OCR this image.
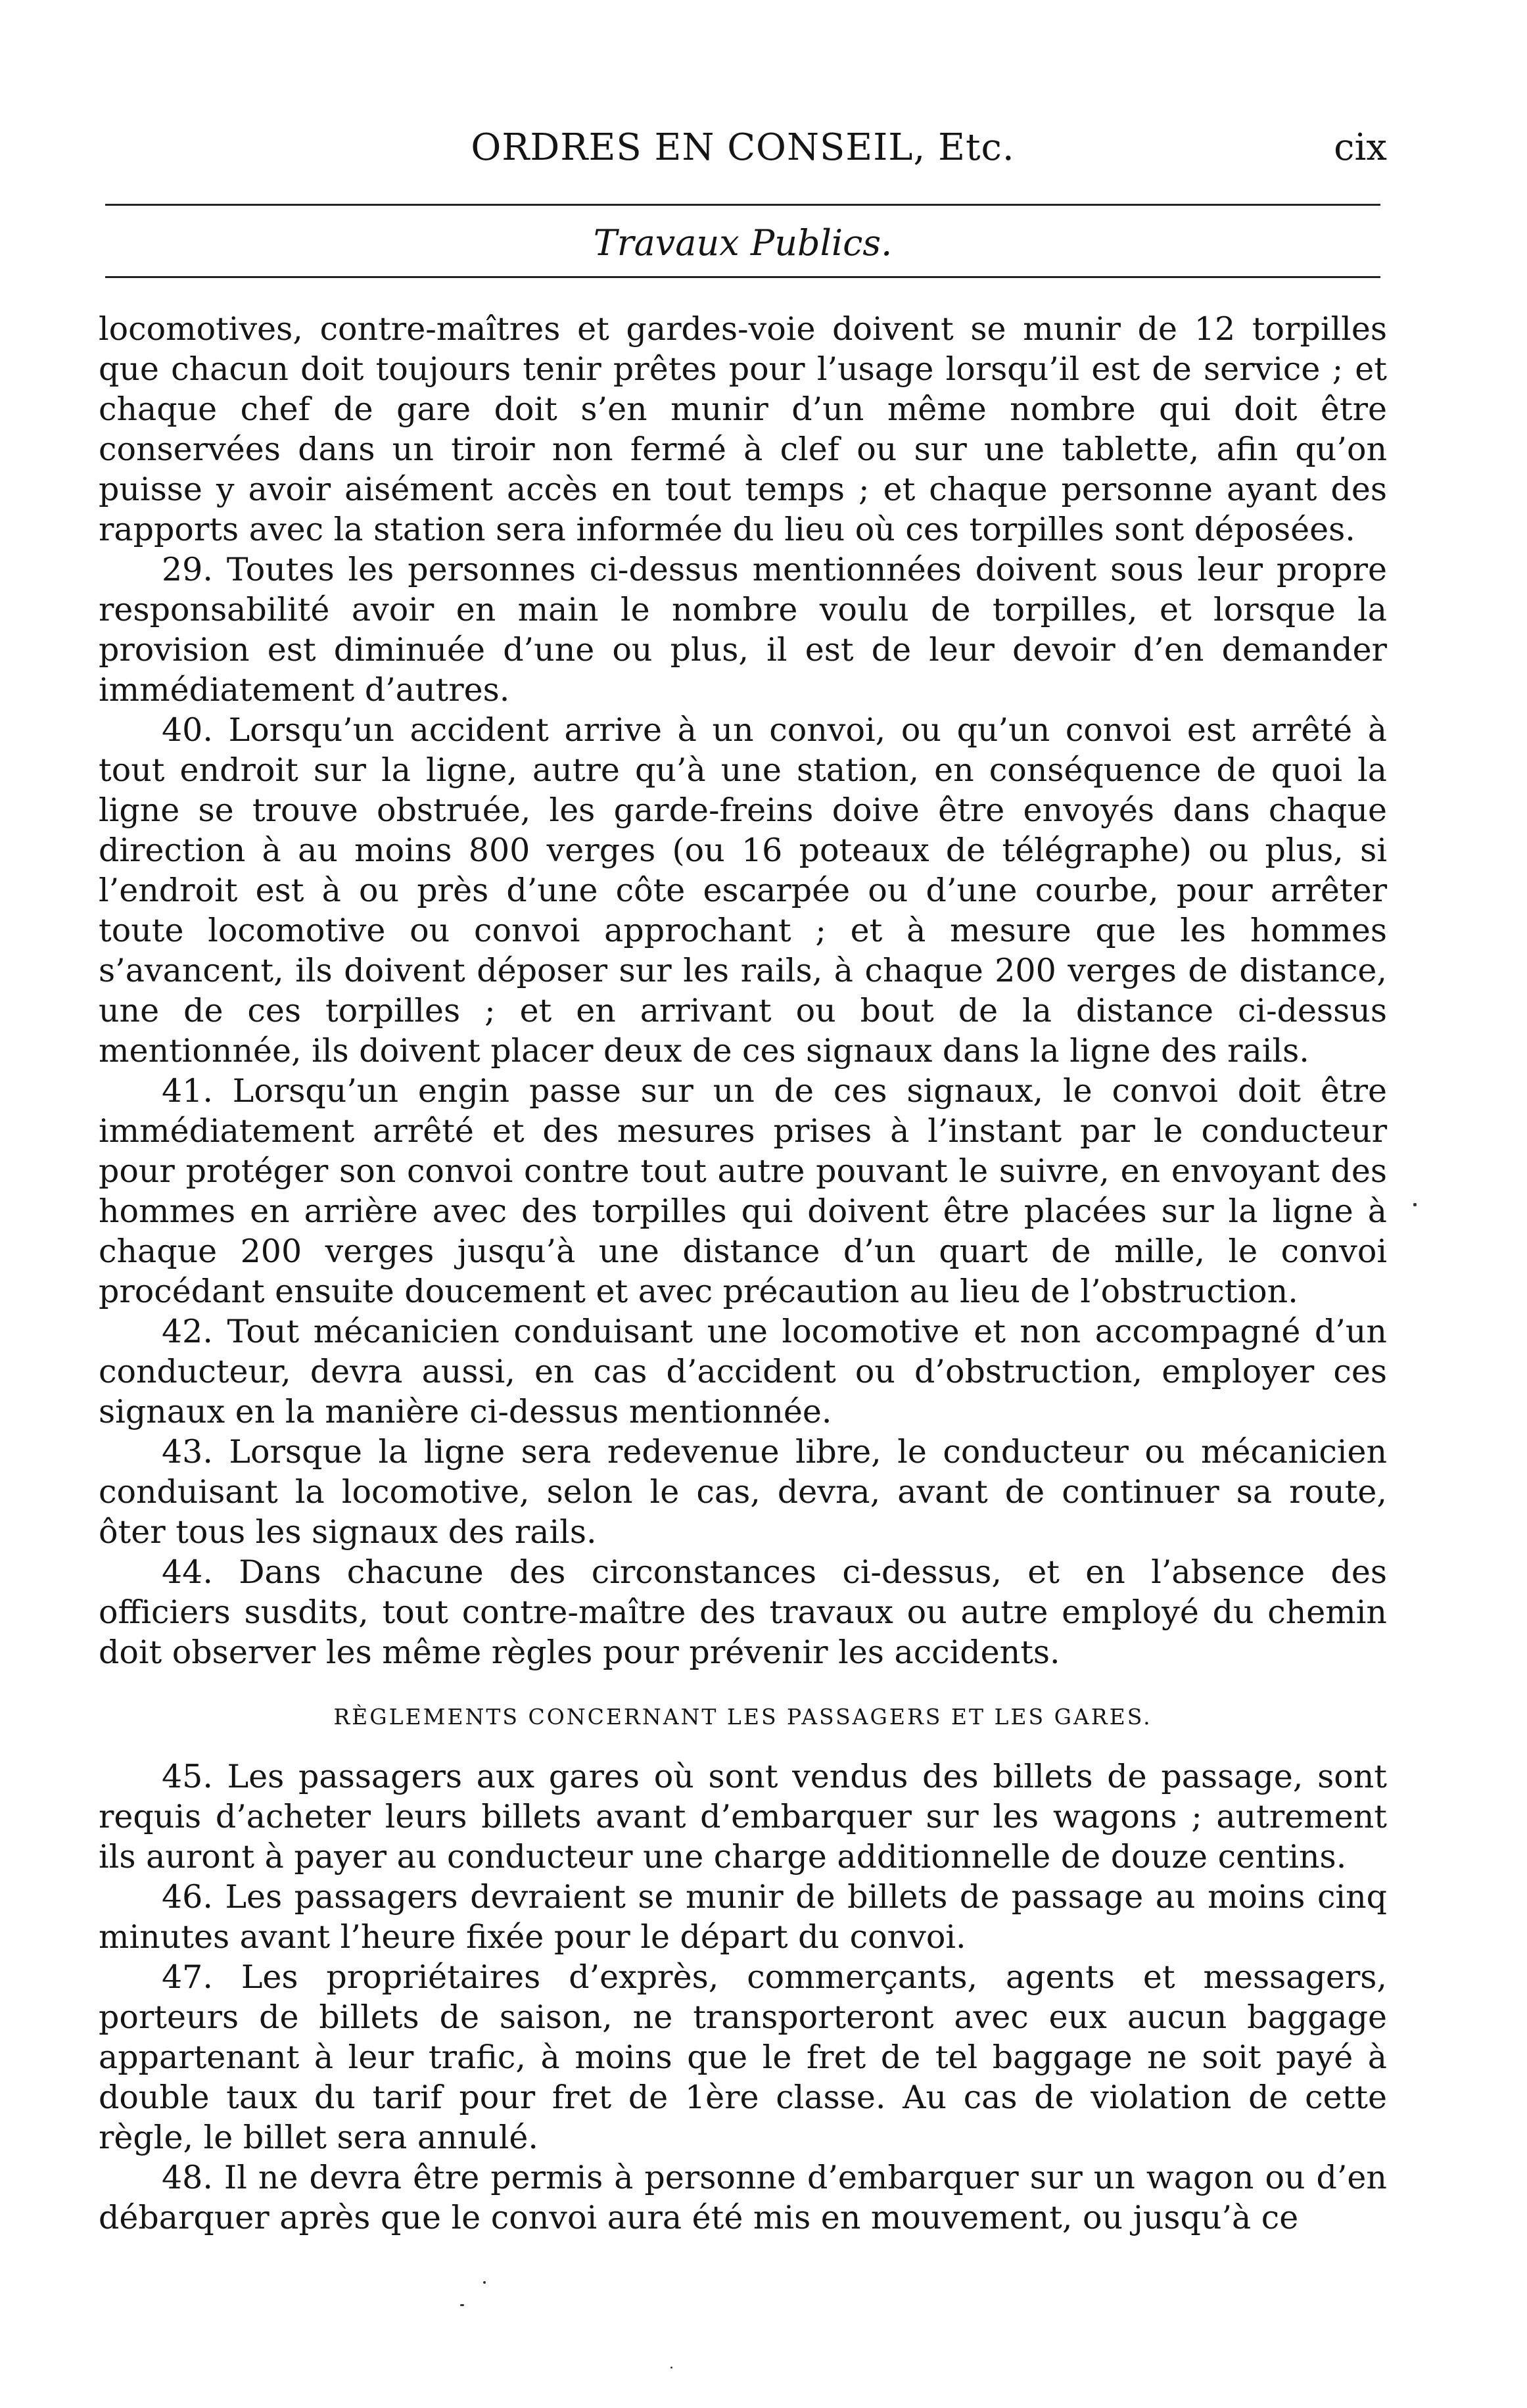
ORDRES EN CONSEIL, Etc.	cix
Travaux Publics.

locomotives, contre-maîtres et gardes-voie doivent se munir de 12 torpilles que chacun doit toujours tenir prêtes pour l’usage lorsqu’il est de service ; et chaque chef de gare doit s’en munir d’un même nombre qui doit être conservées dans un tiroir non fermé à clef ou sur une tablette, afin qu’on puisse y avoir aisément accès en tout temps ; et chaque personne ayant des rapports avec la station sera informée du lieu où ces torpilles sont déposées.

29. Toutes les personnes ci-dessus mentionnées doivent sous leur propre responsabilité avoir en main le nombre voulu de torpilles, et lorsque la provision est diminuée d’une ou plus, il est de leur devoir d’en demander immédiatement d’autres.

40. Lorsqu’un accident arrive à un convoi, ou qu’un convoi est arrêté à tout endroit sur la ligne, autre qu’à une station, en conséquence de quoi la ligne se trouve obstruée, les garde-freins doive être envoyés dans chaque direction à au moins 800 verges (ou 16 poteaux de télégraphe) ou plus, si l’endroit est à ou près d’une côte escarpée ou d’une courbe, pour arrêter toute locomotive ou convoi approchant ; et à mesure que les hommes s’avancent, ils doivent déposer sur les rails, à chaque 200 verges de distance, une de ces torpilles ; et en arrivant ou bout de la distance ci-dessus mentionnée, ils doivent placer deux de ces signaux dans la ligne des rails.

41. Lorsqu’un engin passe sur un de ces signaux, le convoi doit être immédiatement arrêté et des mesures prises à l’instant par le conducteur pour protéger son convoi contre tout autre pouvant le suivre, en envoyant des hommes en arrière avec des torpilles qui doivent être placées sur la ligne à chaque 200 verges jusqu’à une distance d’un quart de mille, le convoi procédant ensuite doucement et avec précaution au lieu de l’obstruction.

42. Tout mécanicien conduisant une locomotive et non accompagné d’un conducteur, devra aussi, en cas d’accident ou d’obstruction, employer ces signaux en la manière ci-dessus mentionnée.

43. Lorsque la ligne sera redevenue libre, le conducteur ou mécanicien conduisant la locomotive, selon le cas, devra, avant de continuer sa route, ôter tous les signaux des rails.

44. Dans chacune des circonstances ci-dessus, et en l’absence des officiers susdits, tout contre-maître des travaux ou autre employé du chemin doit observer les même règles pour prévenir les accidents.

RÈGLEMENTS CONCERNANT LES PASSAGERS ET LES GARES.

45. Les passagers aux gares où sont vendus des billets de passage, sont requis d’acheter leurs billets avant d’embarquer sur les wagons ; autrement ils auront à payer au conducteur une charge additionnelle de douze centins.

46. Les passagers devraient se munir de billets de passage au moins cinq minutes avant l’heure fixée pour le départ du convoi.

47. Les propriétaires d’exprès, commerçants, agents et messagers, porteurs de billets de saison, ne transporteront avec eux aucun baggage appartenant à leur trafic, à moins que le fret de tel baggage ne soit payé à double taux du tarif pour fret de 1ère classe. Au cas de violation de cette règle, le billet sera annulé.

48. Il ne devra être permis à personne d’embarquer sur un wagon ou d’en débarquer après que le convoi aura été mis en mouvement, ou jusqu’à ce
